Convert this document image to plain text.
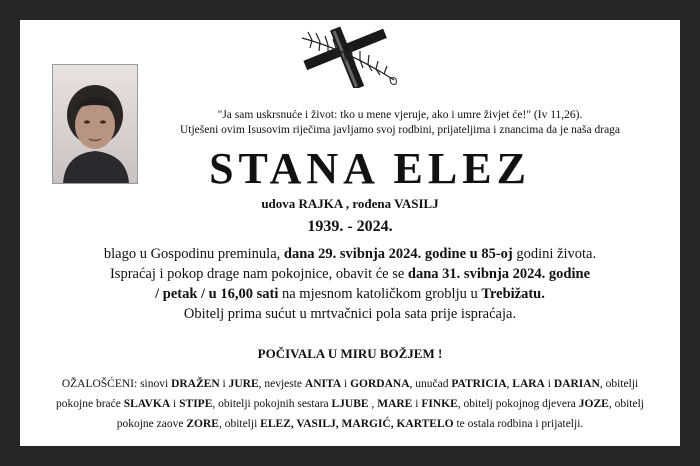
"Ja sam uskrsnuće i život: tko u mene vjeruje, ako i umre živjet će!" (Iv 11,26).
Utješeni ovim Isusovim riječima javljamo svoj rodbini, prijateljima i znancima da je naša draga
STANA ELEZ
udova RAJKA , rođena VASILJ
1939. - 2024.
blago u Gospodinu preminula, dana 29. svibnja 2024. godine u 85-oj godini života.
Ispraćaj i pokop drage nam pokojnice, obavit će se dana 31. svibnja 2024. godine
/ petak / u 16,00 sati na mjesnom katoličkom groblju u Trebižatu.
Obitelj prima sućut u mrtvačnici pola sata prije ispraćaja.
POČIVALA U MIRU BOŽJEM !
OŽALOŠĆENI: sinovi DRAŽEN i JURE, nevjeste ANITA i GORDANA, unučad PATRICIA, LARA i DARIAN, obitelji
pokojne braće SLAVKA i STIPE, obitelji pokojnih sestara LJUBE , MARE i FINKE, obitelj pokojnog djevera JOZE, obitelj
pokojne zaove ZORE, obitelji ELEZ, VASILJ, MARGIĆ, KARTELO te ostala rodbina i prijatelji.
